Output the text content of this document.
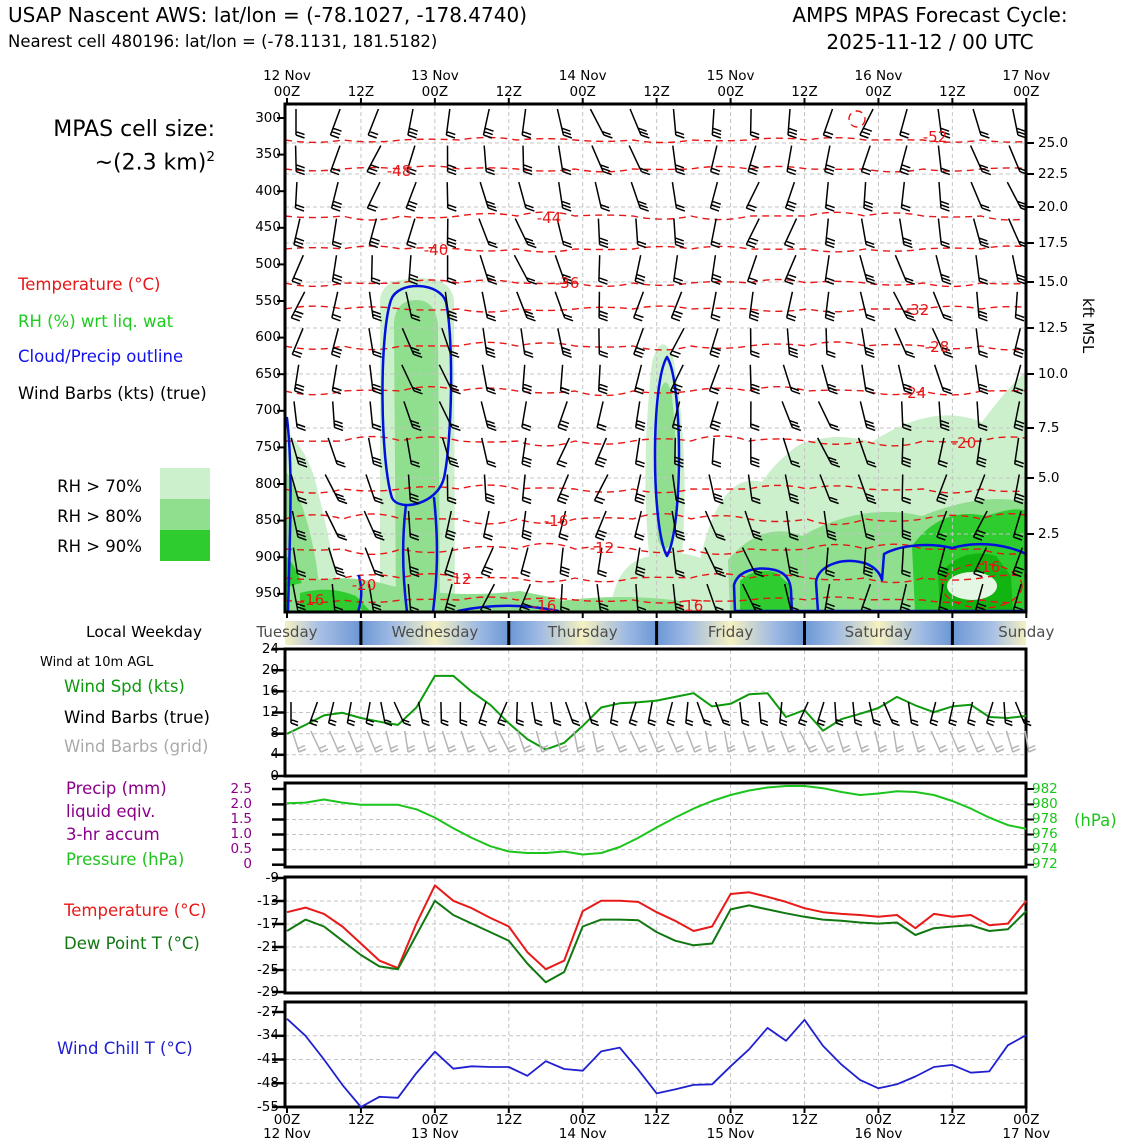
USAP Nascent AWS: lat/lon = (-78.1027, -178.4740)
Nearest cell 480196: lat/lon = (-78.1131, 181.5182)
AMPS MPAS Forecast Cycle:
2025-11-12 / 00 UTC
MPAS cell size:
~(2.3 km)$^2$
Temperature (°C)
RH (%) wrt liq. wat
Cloud/Precip outline
Wind Barbs (kts) (true)
RH > 70%
RH > 80%
RH > 90%
kft MSL
(hPa)
Local Weekday
Wind at 10m AGL
Wind Spd (kts)
Wind Barbs (true)
Wind Barbs (grid)
Precip (mm)
liquid eqiv.
3-hr accum
Pressure (hPa)
Temperature (°C)
Dew Point T (°C)
Wind Chill T (°C)
Tuesday	Wednesday	Thursday	Friday	Saturday	Sunday
12 Nov	13 Nov	14 Nov	15 Nov	16 Nov	17 Nov
00Z	12Z	00Z	12Z	00Z	12Z	00Z	12Z	00Z	12Z	00Z
300
350
400
450
500
550
600
650
700
750
800
850
900
950
25.0
22.5
20.0
17.5
15.0
12.5
10.0
7.5
5.0
2.5
24
20
16
12
8
4
0
2.5
2.0
1.5
1.0
0.5
0
982
980
978
976
974
972
-9
-13
-17
-21
-25
-29
-27
-34
-41
-48
-55
00Z	12Z	00Z	12Z	00Z	12Z	00Z	12Z	00Z	12Z	00Z
12 Nov	13 Nov	14 Nov	15 Nov	16 Nov	17 Nov
-52
-48
-44
-40
-36
-32
-28
-24
-20
-16
-12
-12
-20
-16	-16	-16
-16
